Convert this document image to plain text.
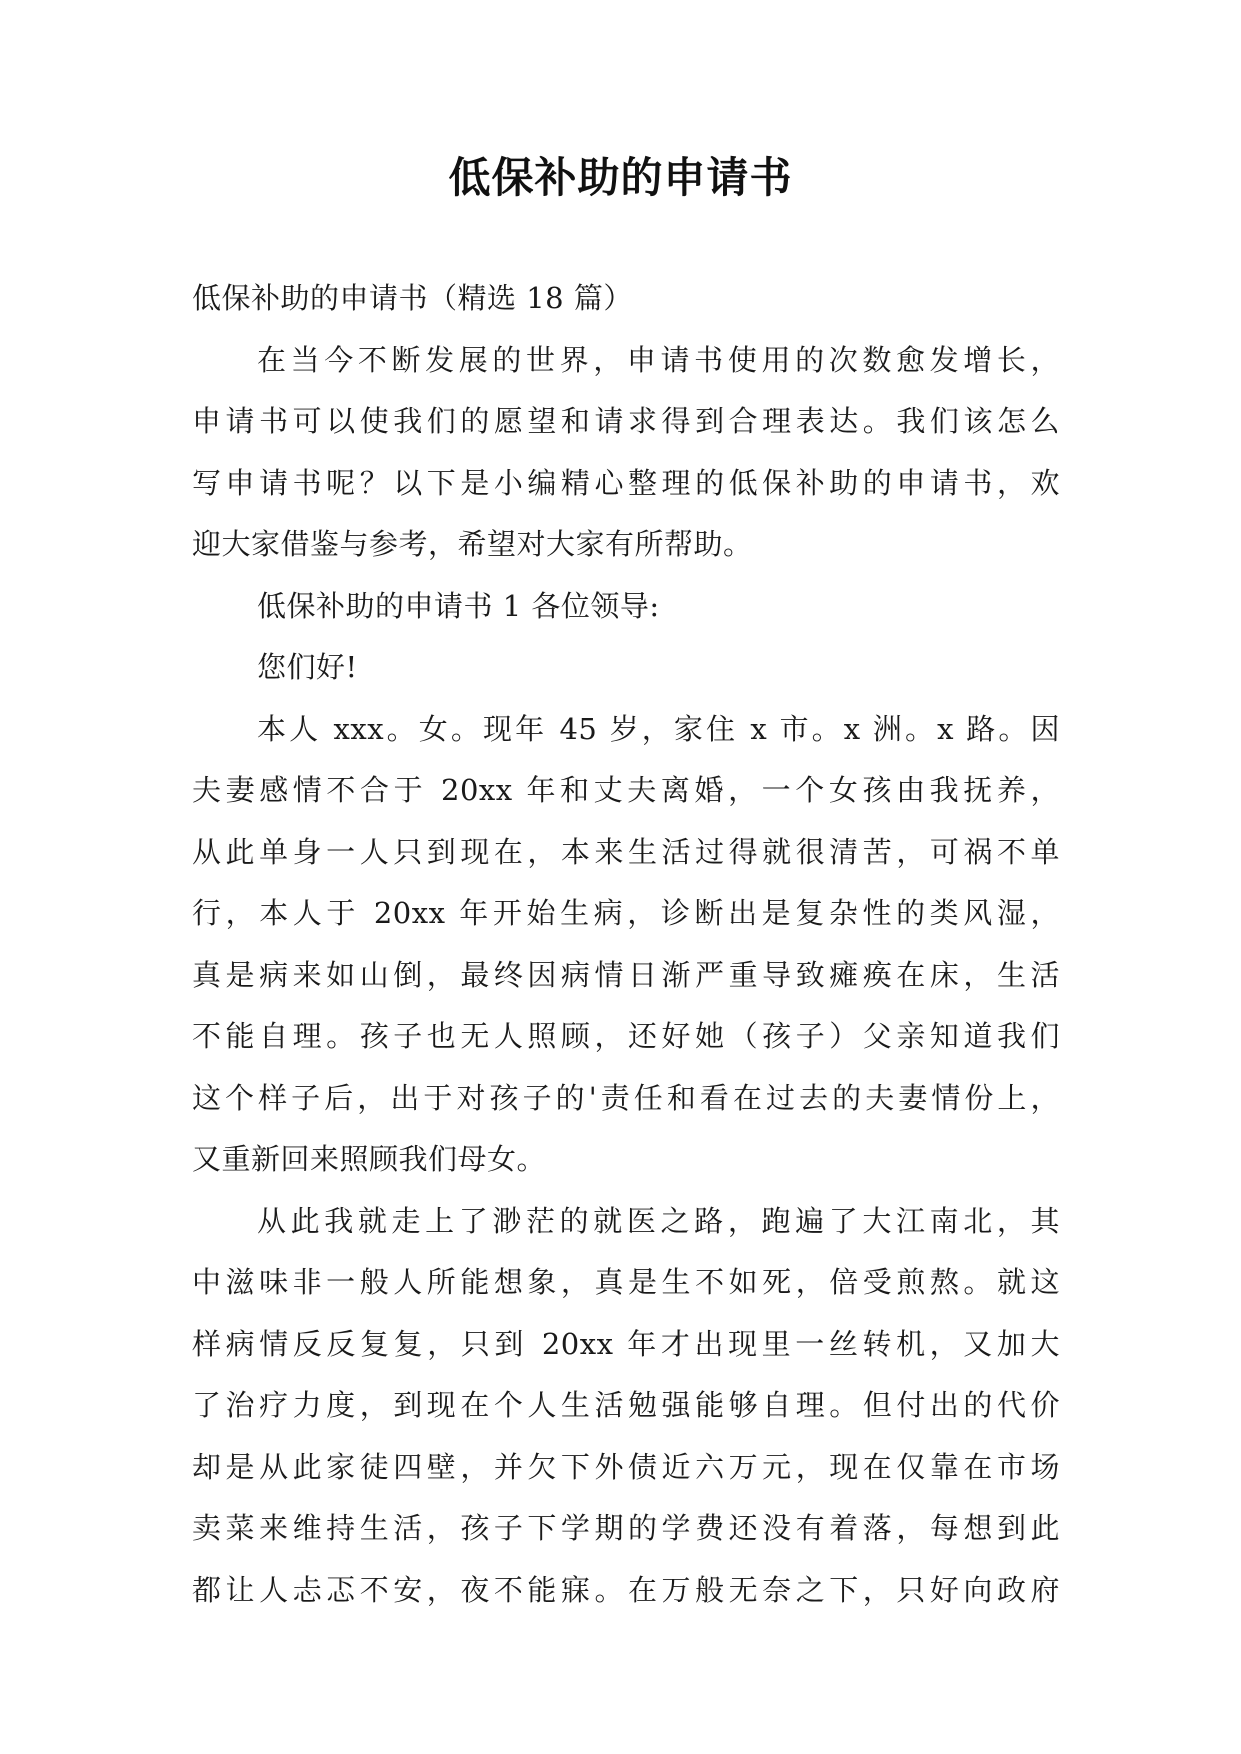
低保补助的申请书
低保补助的申请书（精选 18 篇）
在当今不断发展的世界，申请书使用的次数愈发增长，
申请书可以使我们的愿望和请求得到合理表达。我们该怎么
写申请书呢？以下是小编精心整理的低保补助的申请书，欢
迎大家借鉴与参考，希望对大家有所帮助。
低保补助的申请书 1 各位领导:
您们好!
本人 xxx。女。现年 45 岁，家住 x 市。x 洲。x 路。因
夫妻感情不合于 20xx 年和丈夫离婚，一个女孩由我抚养，
从此单身一人只到现在，本来生活过得就很清苦，可祸不单
行，本人于 20xx 年开始生病，诊断出是复杂性的类风湿，
真是病来如山倒，最终因病情日渐严重导致瘫痪在床，生活
不能自理。孩子也无人照顾，还好她（孩子）父亲知道我们
这个样子后，出于对孩子的'责任和看在过去的夫妻情份上，
又重新回来照顾我们母女。
从此我就走上了渺茫的就医之路，跑遍了大江南北，其
中滋味非一般人所能想象，真是生不如死，倍受煎熬。就这
样病情反反复复，只到 20xx 年才出现里一丝转机，又加大
了治疗力度，到现在个人生活勉强能够自理。但付出的代价
却是从此家徒四壁，并欠下外债近六万元，现在仅靠在市场
卖菜来维持生活，孩子下学期的学费还没有着落，每想到此
都让人忐忑不安，夜不能寐。在万般无奈之下，只好向政府
